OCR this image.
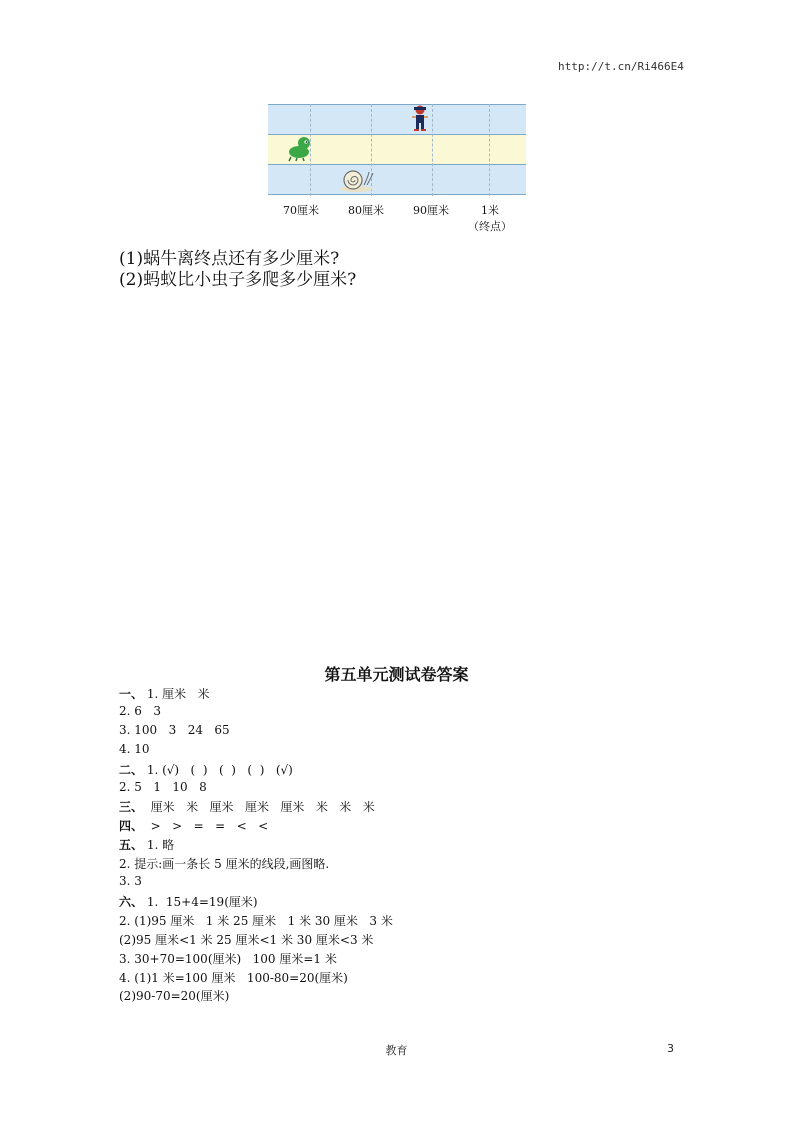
http://t.cn/Ri466E4
70厘米	80厘米	90厘米	1米
（终点）
(1)蜗牛离终点还有多少厘米?
(2)蚂蚁比小虫子多爬多少厘米?
第五单元测试卷答案
一、 1. 厘米   米
2. 6   3
3. 100   3   24   65
4. 10
二、 1. (√)   (  )   (  )   (  )   (√)
2. 5   1   10   8
三、  厘米   米   厘米   厘米   厘米   米   米   米
四、  >   >   =   =   <   <
五、 1. 略
2. 提示:画一条长 5 厘米的线段,画图略.
3. 3
六、 1.  15+4=19(厘米)
2. (1)95 厘米   1 米 25 厘米   1 米 30 厘米   3 米
(2)95 厘米<1 米 25 厘米<1 米 30 厘米<3 米
3. 30+70=100(厘米)   100 厘米=1 米
4. (1)1 米=100 厘米   100-80=20(厘米)
(2)90-70=20(厘米)
教育	3
